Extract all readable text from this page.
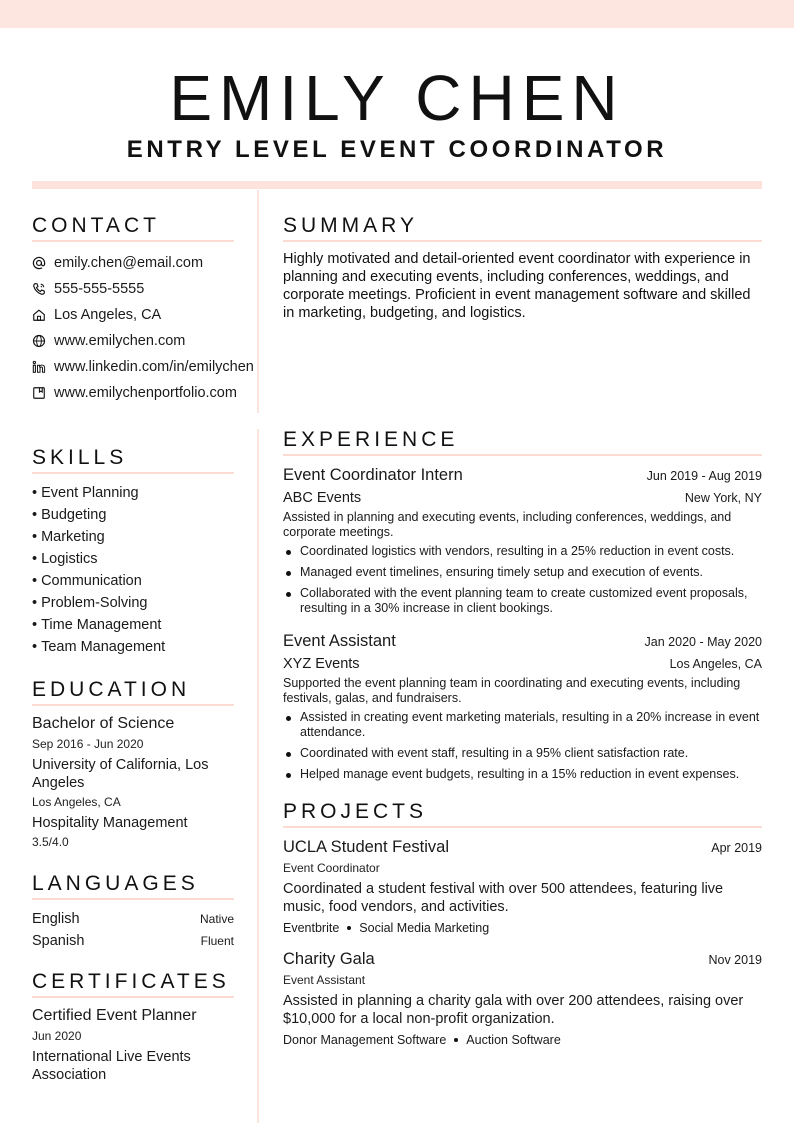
EMILY CHEN
ENTRY LEVEL EVENT COORDINATOR
CONTACT
emily.chen@email.com
555-555-5555
Los Angeles, CA
www.emilychen.com
www.linkedin.com/in/emilychen
www.emilychenportfolio.com
SKILLS
• Event Planning
• Budgeting
• Marketing
• Logistics
• Communication
• Problem-Solving
• Time Management
• Team Management
EDUCATION
Bachelor of Science
Sep 2016 - Jun 2020
University of California, Los Angeles
Los Angeles, CA
Hospitality Management
3.5/4.0
LANGUAGES
English	Native
Spanish	Fluent
CERTIFICATES
Certified Event Planner
Jun 2020
International Live Events Association
SUMMARY

Highly motivated and detail-oriented event coordinator with experience in planning and executing events, including conferences, weddings, and corporate meetings. Proficient in event management software and skilled in marketing, budgeting, and logistics.

EXPERIENCE
Event Coordinator Intern	Jun 2019 - Aug 2019
ABC Events	New York, NY

Assisted in planning and executing events, including conferences, weddings, and corporate meetings.

Coordinated logistics with vendors, resulting in a 25% reduction in event costs.
Managed event timelines, ensuring timely setup and execution of events.
Collaborated with the event planning team to create customized event proposals, resulting in a 30% increase in client bookings.
Event Assistant	Jan 2020 - May 2020
XYZ Events	Los Angeles, CA

Supported the event planning team in coordinating and executing events, including festivals, galas, and fundraisers.

Assisted in creating event marketing materials, resulting in a 20% increase in event attendance.
Coordinated with event staff, resulting in a 95% client satisfaction rate.
Helped manage event budgets, resulting in a 15% reduction in event expenses.
PROJECTS
UCLA Student Festival	Apr 2019
Event Coordinator

Coordinated a student festival with over 500 attendees, featuring live music, food vendors, and activities.

Eventbrite Social Media Marketing
Charity Gala	Nov 2019
Event Assistant

Assisted in planning a charity gala with over 200 attendees, raising over $10,000 for a local non-profit organization.

Donor Management Software Auction Software
